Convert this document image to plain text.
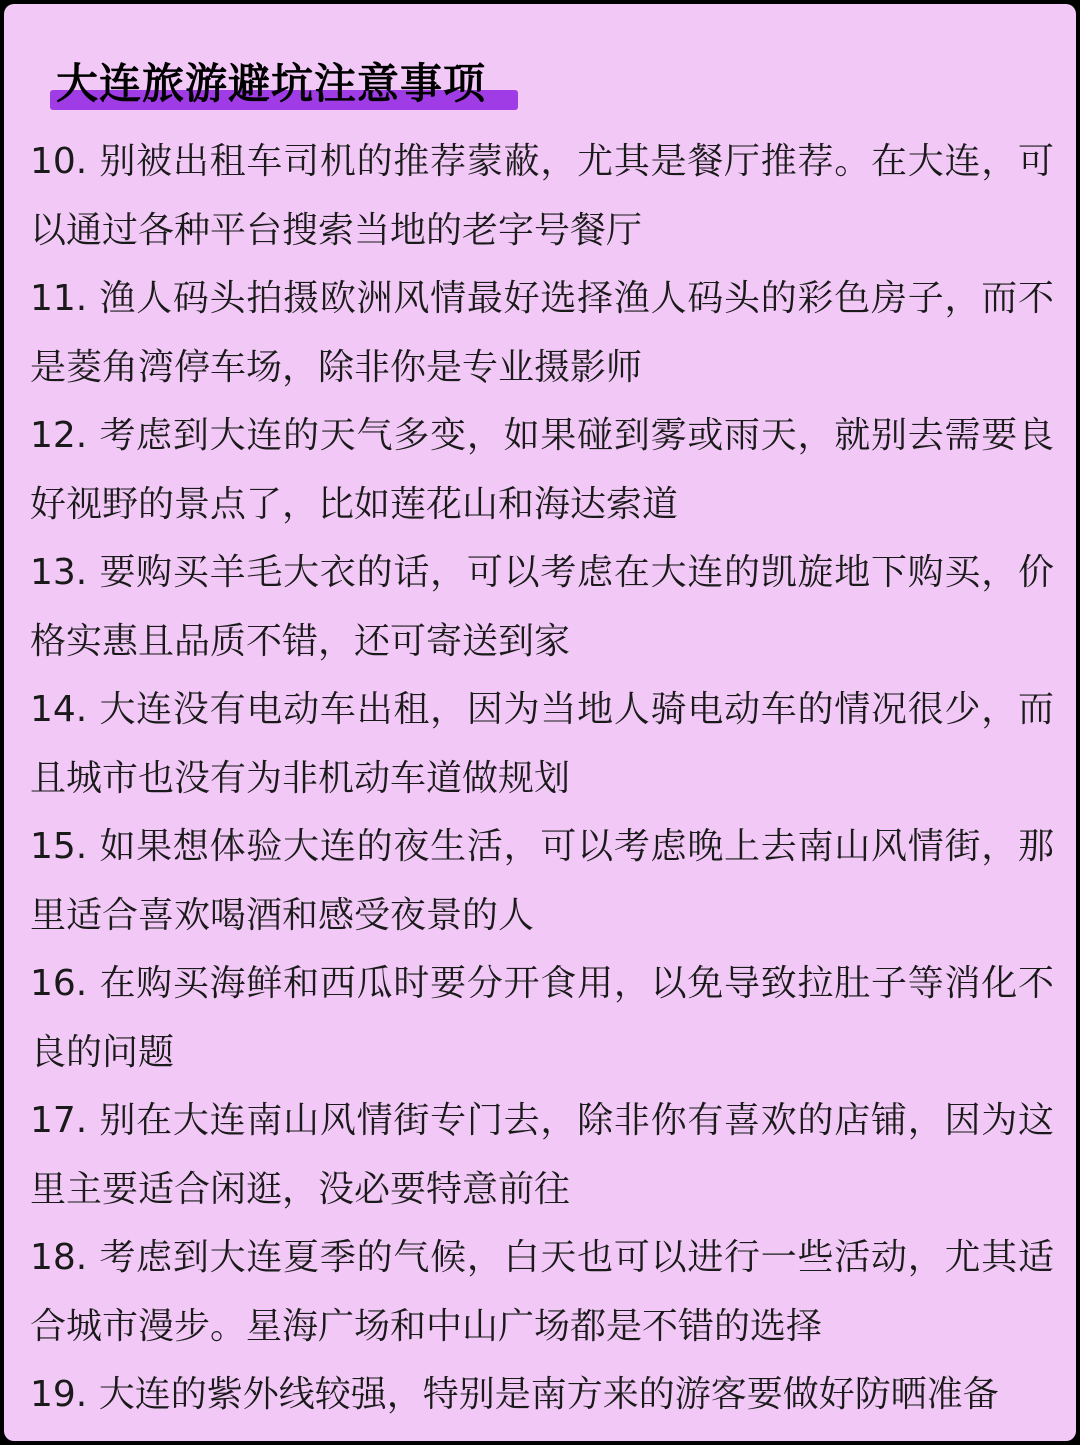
大连旅游避坑注意事项

10. 别被出租车司机的推荐蒙蔽，尤其是餐厅推荐。在大连，可以通过各种平台搜索当地的老字号餐厅

11. 渔人码头拍摄欧洲风情最好选择渔人码头的彩色房子，而不是菱角湾停车场，除非你是专业摄影师

12. 考虑到大连的天气多变，如果碰到雾或雨天，就别去需要良好视野的景点了，比如莲花山和海达索道

13. 要购买羊毛大衣的话，可以考虑在大连的凯旋地下购买，价格实惠且品质不错，还可寄送到家

14. 大连没有电动车出租，因为当地人骑电动车的情况很少，而且城市也没有为非机动车道做规划

15. 如果想体验大连的夜生活，可以考虑晚上去南山风情街，那里适合喜欢喝酒和感受夜景的人

16. 在购买海鲜和西瓜时要分开食用，以免导致拉肚子等消化不良的问题

17. 别在大连南山风情街专门去，除非你有喜欢的店铺，因为这里主要适合闲逛，没必要特意前往

18. 考虑到大连夏季的气候，白天也可以进行一些活动，尤其适合城市漫步。星海广场和中山广场都是不错的选择

19. 大连的紫外线较强，特别是南方来的游客要做好防晒准备
